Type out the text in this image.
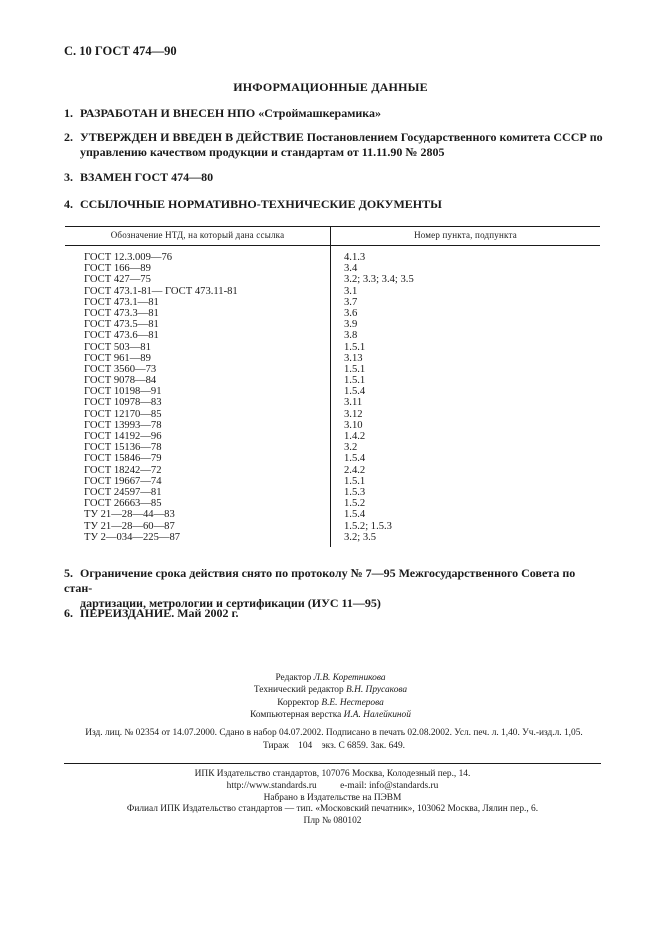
С. 10 ГОСТ 474—90
ИНФОРМАЦИОННЫЕ ДАННЫЕ
1. РАЗРАБОТАН И ВНЕСЕН НПО «Строймашкерамика»
2. УТВЕРЖДЕН И ВВЕДЕН В ДЕЙСТВИЕ Постановлением Государственного комитета СССР по
управлению качеством продукции и стандартам от 11.11.90 № 2805
3. ВЗАМЕН ГОСТ 474—80
4. ССЫЛОЧНЫЕ НОРМАТИВНО-ТЕХНИЧЕСКИЕ ДОКУМЕНТЫ
Обозначение НТД, на который дана ссылка	Номер пункта, подпункта
ГОСТ 12.3.009—76	4.1.3
ГОСТ 166—89	3.4
ГОСТ 427—75	3.2; 3.3; 3.4; 3.5
ГОСТ 473.1-81— ГОСТ 473.11-81	3.1
ГОСТ 473.1—81	3.7
ГОСТ 473.3—81	3.6
ГОСТ 473.5—81	3.9
ГОСТ 473.6—81	3.8
ГОСТ 503—81	1.5.1
ГОСТ 961—89	3.13
ГОСТ 3560—73	1.5.1
ГОСТ 9078—84	1.5.1
ГОСТ 10198—91	1.5.4
ГОСТ 10978—83	3.11
ГОСТ 12170—85	3.12
ГОСТ 13993—78	3.10
ГОСТ 14192—96	1.4.2
ГОСТ 15136—78	3.2
ГОСТ 15846—79	1.5.4
ГОСТ 18242—72	2.4.2
ГОСТ 19667—74	1.5.1
ГОСТ 24597—81	1.5.3
ГОСТ 26663—85	1.5.2
ТУ 21—28—44—83	1.5.4
ТУ 21—28—60—87	1.5.2; 1.5.3
ТУ 2—034—225—87	3.2; 3.5
5. Ограничение срока действия снято по протоколу № 7—95 Межгосударственного Совета по стан-
дартизации, метрологии и сертификации (ИУС 11—95)
6. ПЕРЕИЗДАНИЕ. Май 2002 г.
Редактор Л.В. Коретникова
Технический редактор В.Н. Прусакова
Корректор В.Е. Нестерова
Компьютерная верстка И.А. Налейкиной
Изд. лиц. № 02354 от 14.07.2000. Сдано в набор 04.07.2002. Подписано в печать 02.08.2002. Усл. печ. л. 1,40. Уч.-изд.л. 1,05.
Тираж    104    экз. С 6859. Зак. 649.
ИПК Издательство стандартов, 107076 Москва, Колодезный пер., 14.
http://www.standards.ru          e-mail: info@standards.ru
Набрано в Издательстве на ПЭВМ
Филиал ИПК Издательство стандартов — тип. «Московский печатник», 103062 Москва, Лялин пер., 6.
Плр № 080102
